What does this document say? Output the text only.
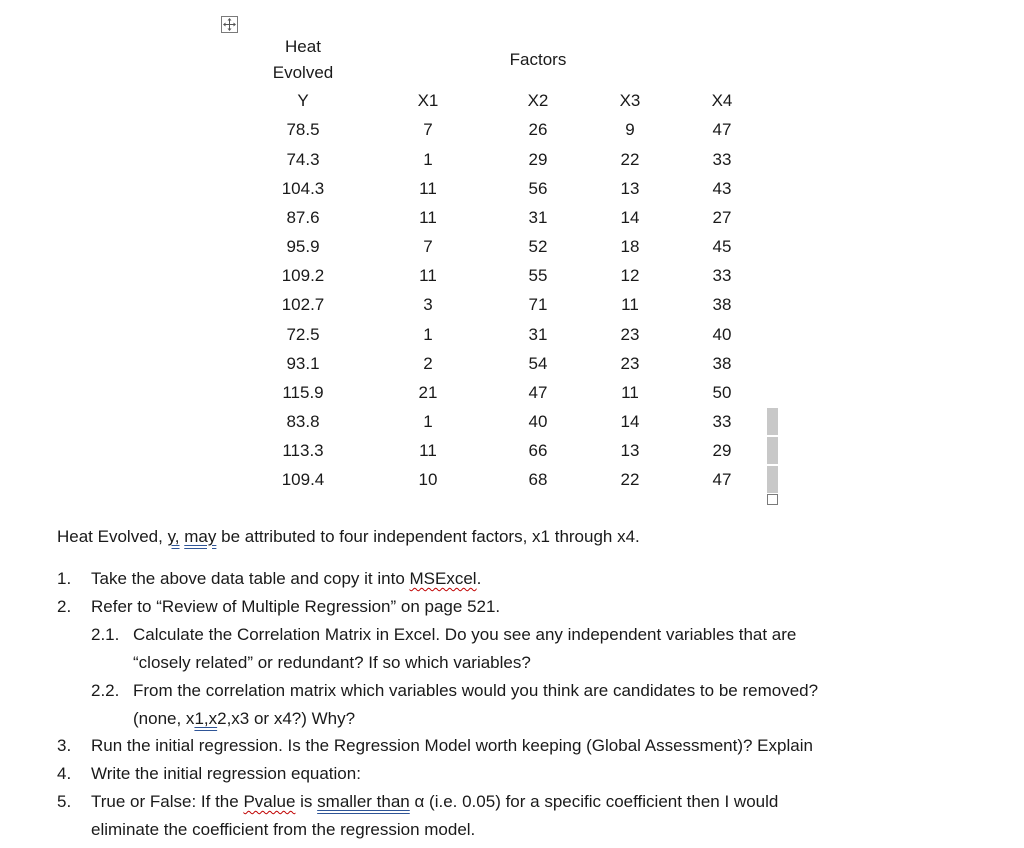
Heat
Evolved
Factors
Y	X1	X2	X3	X4
78.5	7	26	9	47
74.3	1	29	22	33
104.3	11	56	13	43
87.6	11	31	14	27
95.9	7	52	18	45
109.2	11	55	12	33
102.7	3	71	11	38
72.5	1	31	23	40
93.1	2	54	23	38
115.9	21	47	11	50
83.8	1	40	14	33
113.3	11	66	13	29
109.4	10	68	22	47
Heat Evolved, y, may be attributed to four independent factors, x1 through x4.
1. Take the above data table and copy it into MSExcel.
2. Refer to “Review of Multiple Regression” on page 521.
2.1. Calculate the Correlation Matrix in Excel. Do you see any independent variables that are
“closely related” or redundant? If so which variables?
2.2. From the correlation matrix which variables would you think are candidates to be removed?
(none, x1,x2,x3 or x4?) Why?
3. Run the initial regression. Is the Regression Model worth keeping (Global Assessment)? Explain
4. Write the initial regression equation:
5. True or False: If the Pvalue is smaller than α (i.e. 0.05) for a specific coefficient then I would
eliminate the coefficient from the regression model.
